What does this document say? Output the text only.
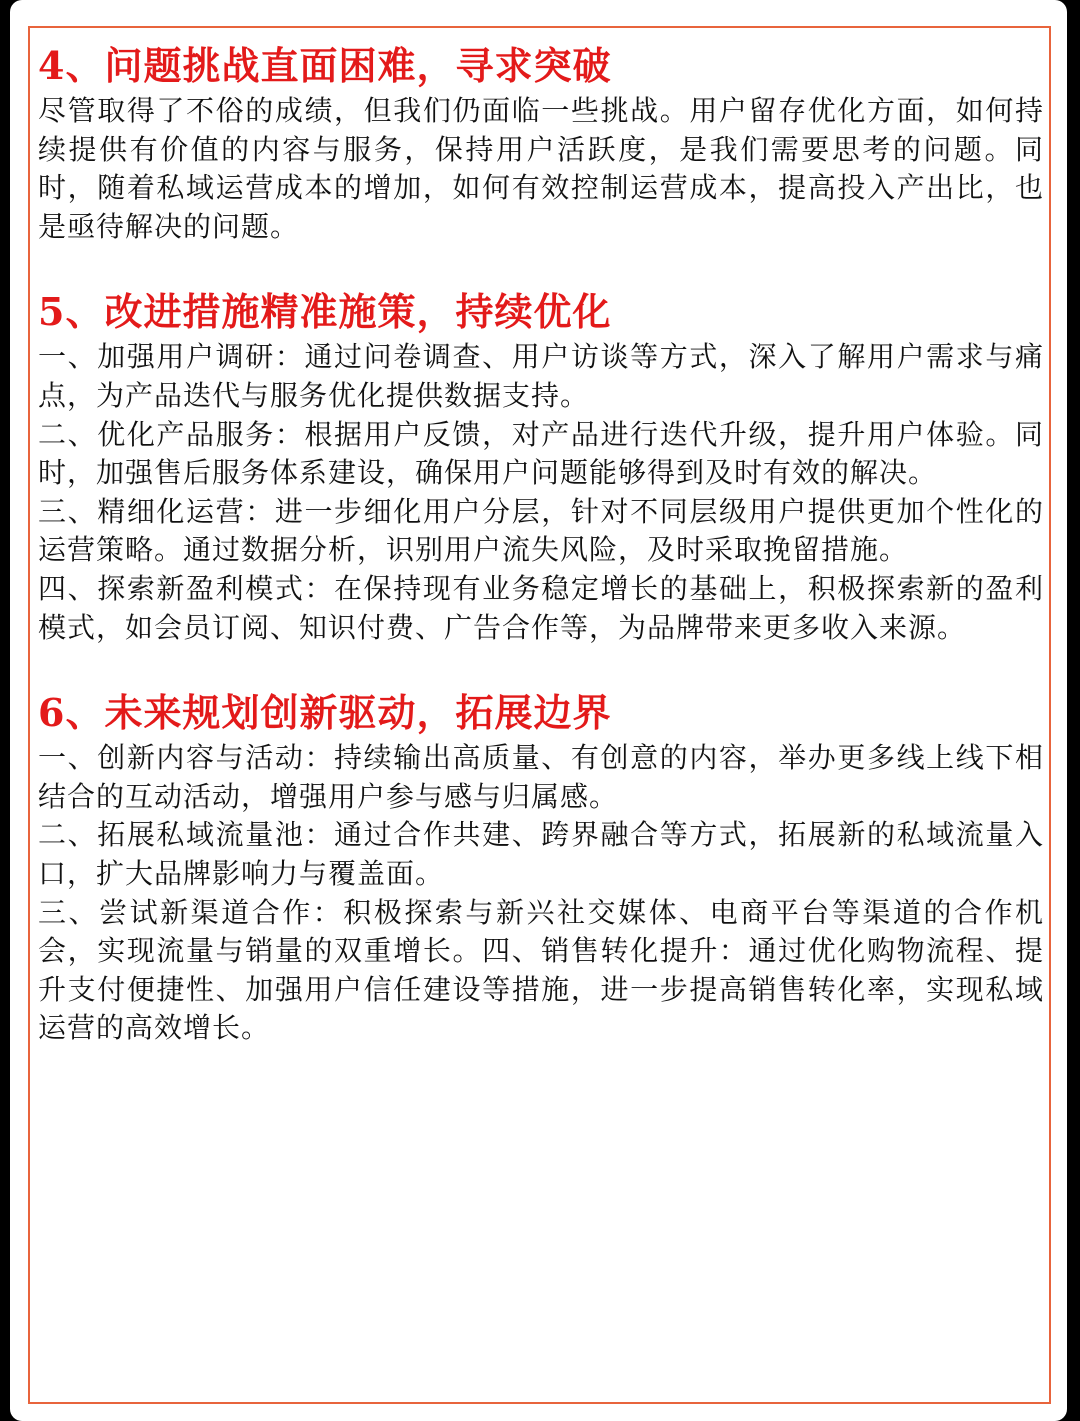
4、问题挑战直面困难，寻求突破

尽管取得了不俗的成绩，但我们仍面临一些挑战。用户留存优化方面，如何持续提供有价值的内容与服务，保持用户活跃度，是我们需要思考的问题。同时，随着私域运营成本的增加，如何有效控制运营成本，提高投入产出比，也是亟待解决的问题。

5、改进措施精准施策，持续优化

一、加强用户调研：通过问卷调查、用户访谈等方式，深入了解用户需求与痛点，为产品迭代与服务优化提供数据支持。

二、优化产品服务：根据用户反馈，对产品进行迭代升级，提升用户体验。同时，加强售后服务体系建设，确保用户问题能够得到及时有效的解决。

三、精细化运营：进一步细化用户分层，针对不同层级用户提供更加个性化的运营策略。通过数据分析，识别用户流失风险，及时采取挽留措施。

四、探索新盈利模式：在保持现有业务稳定增长的基础上，积极探索新的盈利模式，如会员订阅、知识付费、广告合作等，为品牌带来更多收入来源。

6、未来规划创新驱动，拓展边界

一、创新内容与活动：持续输出高质量、有创意的内容，举办更多线上线下相结合的互动活动，增强用户参与感与归属感。

二、拓展私域流量池：通过合作共建、跨界融合等方式，拓展新的私域流量入口，扩大品牌影响力与覆盖面。

三、尝试新渠道合作：积极探索与新兴社交媒体、电商平台等渠道的合作机会，实现流量与销量的双重增长。四、销售转化提升：通过优化购物流程、提升支付便捷性、加强用户信任建设等措施，进一步提高销售转化率，实现私域运营的高效增长。
